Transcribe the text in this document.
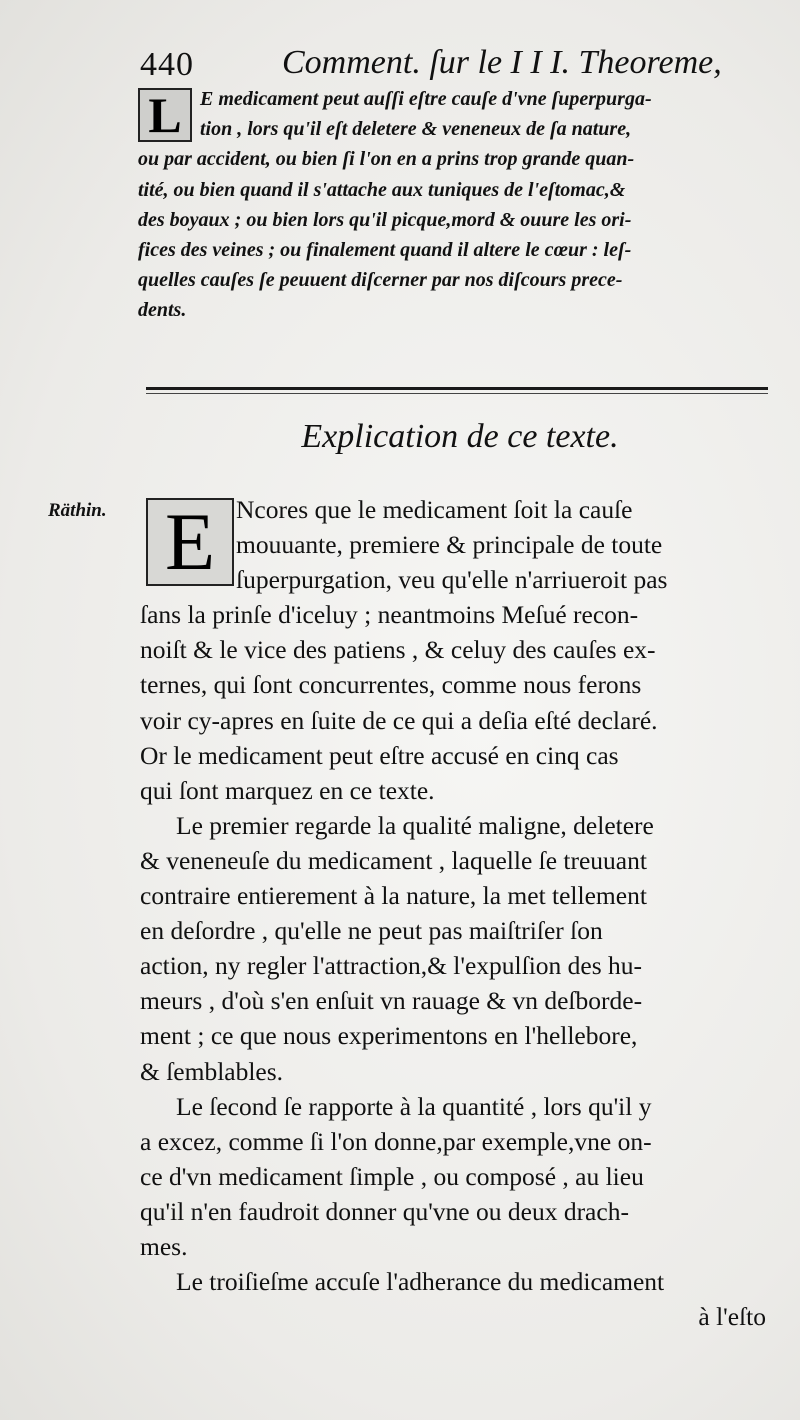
440	Comment. ſur le I I I. Theoreme,
L E medicament peut auſſi eſtre cauſe d'vne ſuperpurga-
tion , lors qu'il eſt deletere & veneneux de ſa nature,
ou par accident, ou bien ſi l'on en a prins trop grande quan-
tité, ou bien quand il s'attache aux tuniques de l'eſtomac,&
des boyaux ; ou bien lors qu'il picque,mord & ouure les ori-
fices des veines ; ou finalement quand il altere le cœur : leſ-
quelles cauſes ſe peuuent diſcerner par nos diſcours prece-
dents.
Explication de ce texte.
Räthin. E Ncores que le medicament ſoit la cauſe
mouuante, premiere & principale de toute
ſuperpurgation, veu qu'elle n'arriueroit pas
ſans la prinſe d'iceluy ; neantmoins Meſué recon-
noiſt & le vice des patiens , & celuy des cauſes ex-
ternes, qui ſont concurrentes, comme nous ferons
voir cy-apres en ſuite de ce qui a deſia eſté declaré.
Or le medicament peut eſtre accusé en cinq cas
qui ſont marquez en ce texte.
Le premier regarde la qualité maligne, deletere
& veneneuſe du medicament , laquelle ſe treuuant
contraire entierement à la nature, la met tellement
en deſordre , qu'elle ne peut pas maiſtriſer ſon
action, ny regler l'attraction,& l'expulſion des hu-
meurs , d'où s'en enſuit vn rauage & vn deſborde-
ment ; ce que nous experimentons en l'hellebore,
& ſemblables.
Le ſecond ſe rapporte à la quantité , lors qu'il y
a excez, comme ſi l'on donne,par exemple,vne on-
ce d'vn medicament ſimple , ou composé , au lieu
qu'il n'en faudroit donner qu'vne ou deux drach-
mes.
Le troiſieſme accuſe l'adherance du medicament
à l'eſto
